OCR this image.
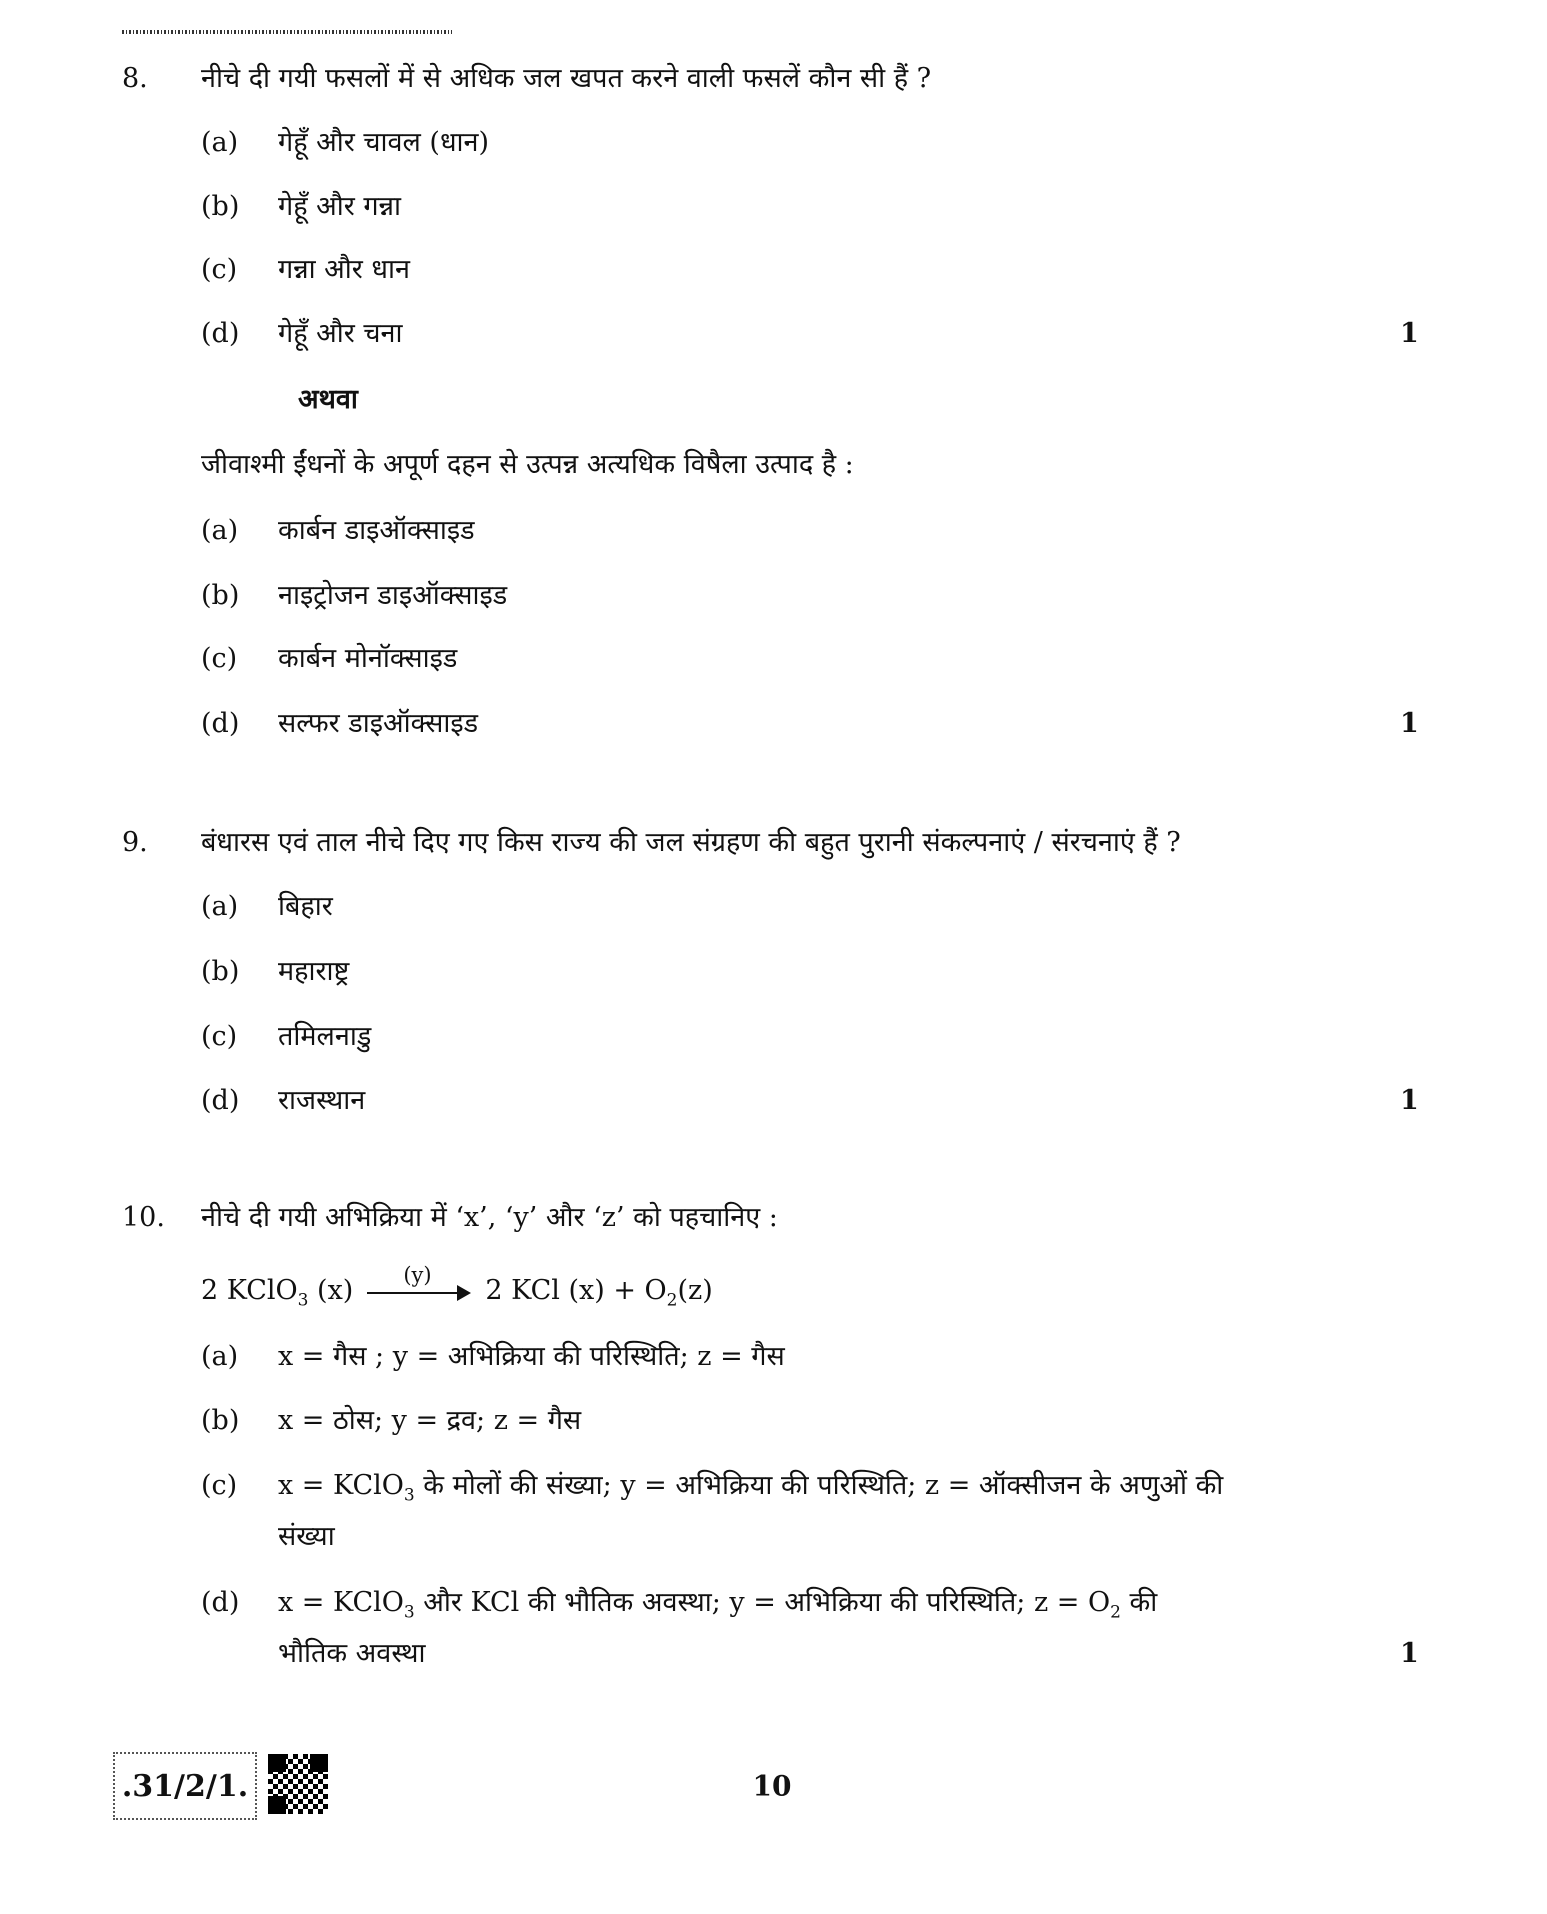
8. नीचे दी गयी फसलों में से अधिक जल खपत करने वाली फसलें कौन सी हैं ?
(a) गेहूँ और चावल (धान)
(b) गेहूँ और गन्ना
(c) गन्ना और धान
(d) गेहूँ और चना	1
अथवा
जीवाश्मी ईंधनों के अपूर्ण दहन से उत्पन्न अत्यधिक विषैला उत्पाद है :
(a) कार्बन डाइऑक्साइड
(b) नाइट्रोजन डाइऑक्साइड
(c) कार्बन मोनॉक्साइड
(d) सल्फर डाइऑक्साइड	1
9. बंधारस एवं ताल नीचे दिए गए किस राज्य की जल संग्रहण की बहुत पुरानी संकल्पनाएं / संरचनाएं हैं ?
(a) बिहार
(b) महाराष्ट्र
(c) तमिलनाडु
(d) राजस्थान	1
10. नीचे दी गयी अभिक्रिया में ‘x’, ‘y’ और ‘z’ को पहचानिए :
2 KClO$_3$ (x)
(y)
2 KCl $(x) + O_2(z)$
(a) x = गैस ; y = अभिक्रिया की परिस्थिति; z = गैस
(b) x = ठोस; y = द्रव; z = गैस
(c) x = KClO$_3$ के मोलों की संख्या; y = अभिक्रिया की परिस्थिति; z = ऑक्सीजन के अणुओं की
संख्या
(d) x = KClO$_3$ और KCl की भौतिक अवस्था; y = अभिक्रिया की परिस्थिति; $z = O_2$ की
भौतिक अवस्था	1
.31/2/1.	10
